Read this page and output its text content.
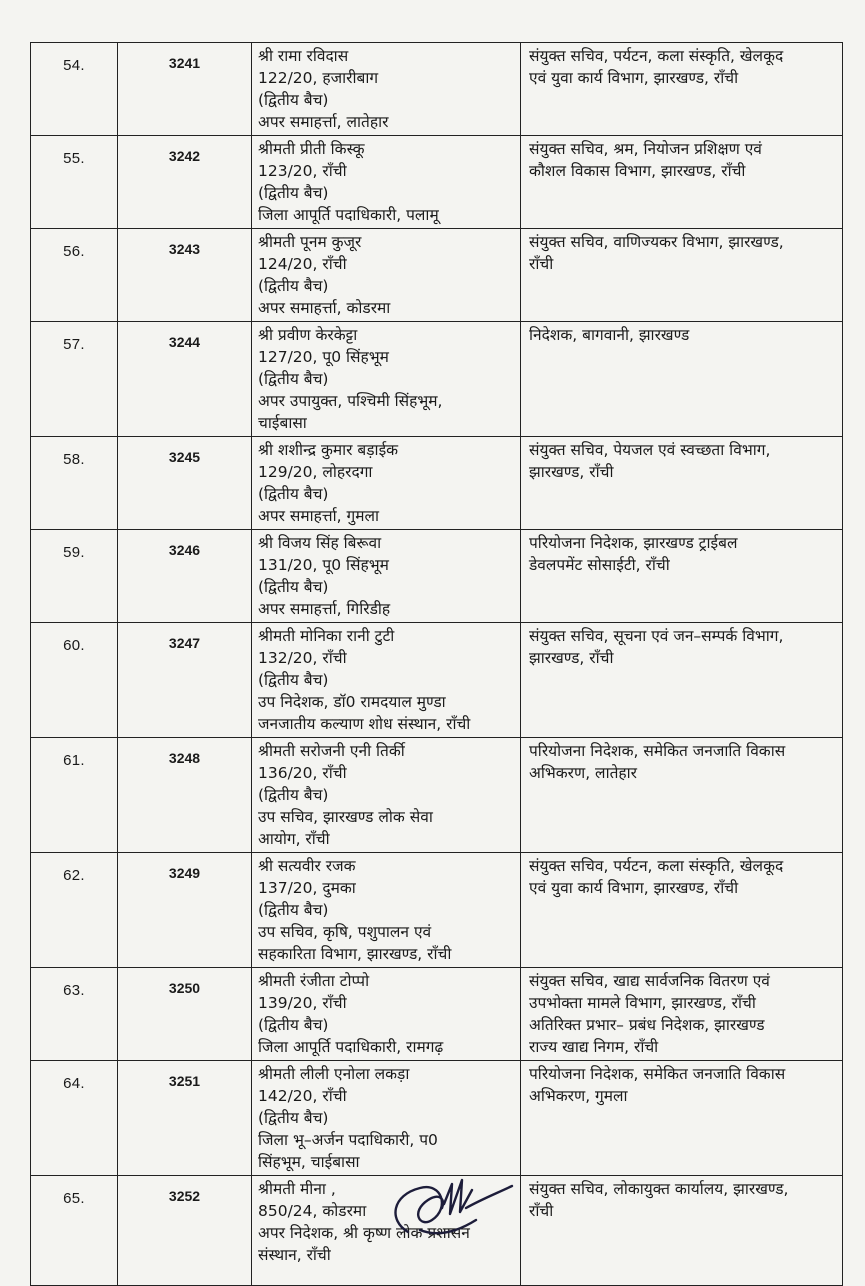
54.	3241	श्री रामा रविदास
122/20, हजारीबाग
(द्वितीय बैच)
अपर समाहर्त्ता, लातेहार	संयुक्त सचिव, पर्यटन, कला संस्कृति, खेलकूद
एवं युवा कार्य विभाग, झारखण्ड, राँची

55.	3242	श्रीमती प्रीती किस्कू
123/20, राँची
(द्वितीय बैच)
जिला आपूर्ति पदाधिकारी, पलामू	संयुक्त सचिव, श्रम, नियोजन प्रशिक्षण एवं
कौशल विकास विभाग, झारखण्ड, राँची

56.	3243	श्रीमती पूनम कुजूर
124/20, राँची
(द्वितीय बैच)
अपर समाहर्त्ता, कोडरमा	संयुक्त सचिव, वाणिज्यकर विभाग, झारखण्ड,
राँची

57.	3244	श्री प्रवीण केरकेट्टा
127/20, पू0 सिंहभूम
(द्वितीय बैच)
अपर उपायुक्त, पश्चिमी सिंहभूम,
चाईबासा	निदेशक, बागवानी, झारखण्ड

58.	3245	श्री शशीन्द्र कुमार बड़ाईक
129/20, लोहरदगा
(द्वितीय बैच)
अपर समाहर्त्ता, गुमला	संयुक्त सचिव, पेयजल एवं स्वच्छता विभाग,
झारखण्ड, राँची

59.	3246	श्री विजय सिंह बिरूवा
131/20, पू0 सिंहभूम
(द्वितीय बैच)
अपर समाहर्त्ता, गिरिडीह	परियोजना निदेशक, झारखण्ड ट्राईबल
डेवलपमेंट सोसाईटी, राँची

60.	3247	श्रीमती मोनिका रानी टुटी
132/20, राँची
(द्वितीय बैच)
उप निदेशक, डॉ0 रामदयाल मुण्डा
जनजातीय कल्याण शोध संस्थान, राँची	संयुक्त सचिव, सूचना एवं जन–सम्पर्क विभाग,
झारखण्ड, राँची

61.	3248	श्रीमती सरोजनी एनी तिर्की
136/20, राँची
(द्वितीय बैच)
उप सचिव, झारखण्ड लोक सेवा
आयोग, राँची	परियोजना निदेशक, समेकित जनजाति विकास
अभिकरण, लातेहार

62.	3249	श्री सत्यवीर रजक
137/20, दुमका
(द्वितीय बैच)
उप सचिव, कृषि, पशुपालन एवं
सहकारिता विभाग, झारखण्ड, राँची	संयुक्त सचिव, पर्यटन, कला संस्कृति, खेलकूद
एवं युवा कार्य विभाग, झारखण्ड, राँची

63.	3250	श्रीमती रंजीता टोप्पो
139/20, राँची
(द्वितीय बैच)
जिला आपूर्ति पदाधिकारी, रामगढ़	संयुक्त सचिव, खाद्य सार्वजनिक वितरण एवं
उपभोक्ता मामले विभाग, झारखण्ड, राँची
अतिरिक्त प्रभार– प्रबंध निदेशक, झारखण्ड
राज्य खाद्य निगम, राँची

64.	3251	श्रीमती लीली एनोला लकड़ा
142/20, राँची
(द्वितीय बैच)
जिला भू–अर्जन पदाधिकारी, प0
सिंहभूम, चाईबासा	परियोजना निदेशक, समेकित जनजाति विकास
अभिकरण, गुमला

65.	3252	श्रीमती मीना ,
850/24, कोडरमा
अपर निदेशक, श्री कृष्ण लोक प्रशासन
संस्थान, राँची	संयुक्त सचिव, लोकायुक्त कार्यालय, झारखण्ड,
राँची
